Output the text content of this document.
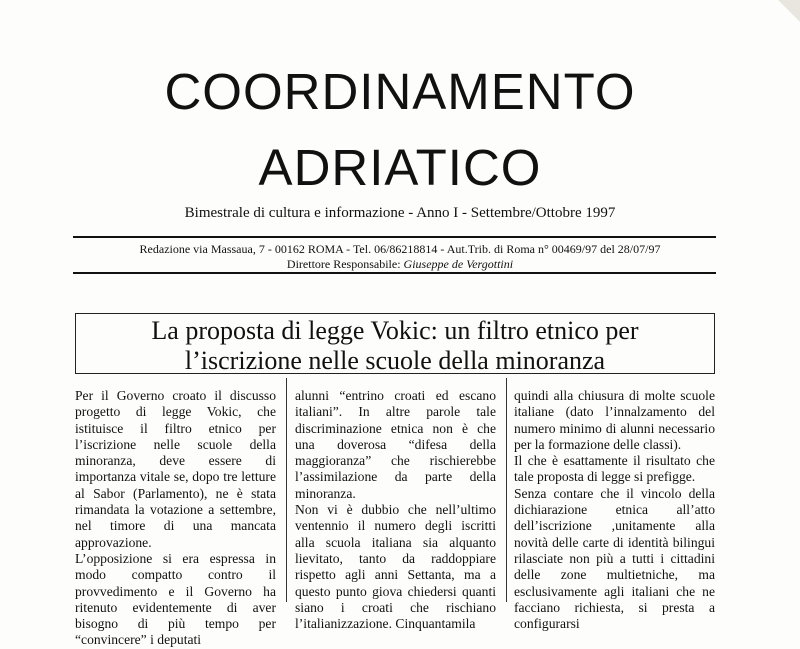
COORDINAMENTO
ADRIATICO
Bimestrale di cultura e informazione - Anno I - Settembre/Ottobre 1997
Redazione via Massaua, 7 - 00162 ROMA - Tel. 06/86218814 - Aut.Trib. di Roma n° 00469/97 del 28/07/97
Direttore Responsabile: Giuseppe de Vergottini
La proposta di legge Vokic: un filtro etnico per
l’iscrizione nelle scuole della minoranza

Per il Governo croato il discusso progetto di legge Vokic, che istituisce il filtro etnico per l’iscrizione nelle scuole della minoranza, deve essere di importanza vitale se, dopo tre letture al Sabor (Parlamento), ne è stata rimandata la votazione a settembre, nel timore di una mancata approvazione.

L’opposizione si era espressa in modo compatto contro il provvedimento e il Governo ha ritenuto evidentemente di aver bisogno di più tempo per “convincere” i deputati

alunni “entrino croati ed escano italiani”. In altre parole tale discriminazione etnica non è che una doverosa “difesa della maggioranza” che rischierebbe l’assimilazione da parte della minoranza.

Non vi è dubbio che nell’ultimo ventennio il numero degli iscritti alla scuola italiana sia alquanto lievitato, tanto da raddoppiare rispetto agli anni Settanta, ma a questo punto giova chiedersi quanti siano i croati che rischiano l’italianizzazione. Cinquantamila

quindi alla chiusura di molte scuole italiane (dato l’innalzamento del numero minimo di alunni necessario per la formazione delle classi).

Il che è esattamente il risultato che tale proposta di legge si prefigge.

Senza contare che il vincolo della dichiarazione etnica all’atto dell’iscrizione ,unitamente alla novità delle carte di identità bilingui rilasciate non più a tutti i cittadini delle zone multietniche, ma esclusivamente agli italiani che ne facciano richiesta, si presta a configurarsi
